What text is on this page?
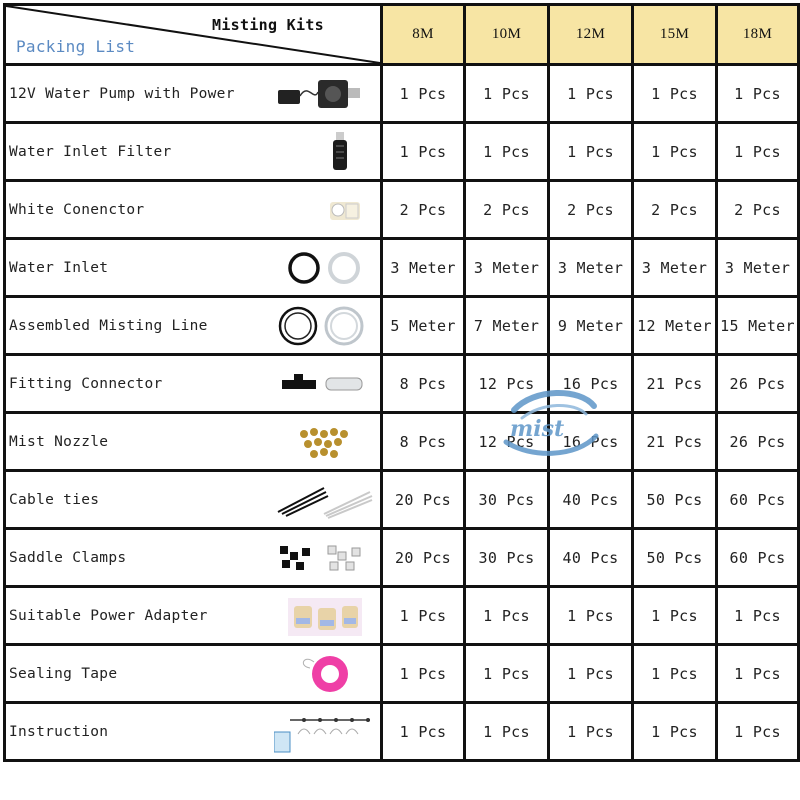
Misting Kits
Packing List	8M	10M	12M	15M	18M

12V Water Pump with Power	1 Pcs	1 Pcs	1 Pcs	1 Pcs	1 Pcs

Water Inlet Filter	1 Pcs	1 Pcs	1 Pcs	1 Pcs	1 Pcs

White Conenctor	2 Pcs	2 Pcs	2 Pcs	2 Pcs	2 Pcs

Water Inlet	3 Meter	3 Meter	3 Meter	3 Meter	3 Meter

Assembled Misting Line	5 Meter	7 Meter	9 Meter	12 Meter	15 Meter

Fitting Connector	8 Pcs	12 Pcs	16 Pcs	21 Pcs	26 Pcs

Mist Nozzle	8 Pcs	12 Pcs	16 Pcs	21 Pcs	26 Pcs

Cable ties	20 Pcs	30 Pcs	40 Pcs	50 Pcs	60 Pcs

Saddle Clamps	20 Pcs	30 Pcs	40 Pcs	50 Pcs	60 Pcs

Suitable Power Adapter	1 Pcs	1 Pcs	1 Pcs	1 Pcs	1 Pcs

Sealing Tape	1 Pcs	1 Pcs	1 Pcs	1 Pcs	1 Pcs

Instruction	1 Pcs	1 Pcs	1 Pcs	1 Pcs	1 Pcs
mist
